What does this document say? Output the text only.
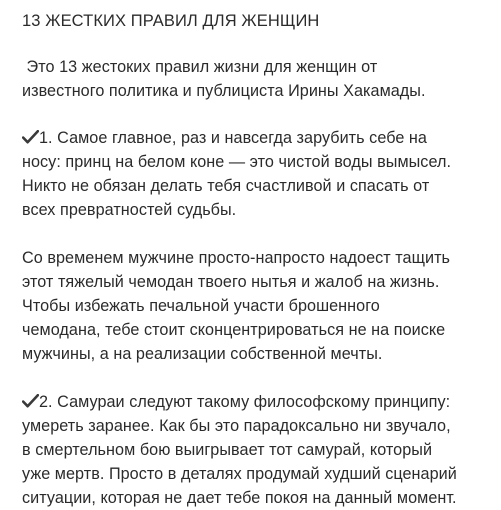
13 ЖЕСТКИХ ПРАВИЛ ДЛЯ ЖЕНЩИН

Это 13 жестоких правил жизни для женщин от
известного политика и публициста Ирины Хакамады.

1. Самое главное, раз и навсегда зарубить себе на
носу: принц на белом коне — это чистой воды вымысел.
Никто не обязан делать тебя счастливой и спасать от
всех превратностей судьбы.

Со временем мужчине просто-напросто надоест тащить
этот тяжелый чемодан твоего нытья и жалоб на жизнь.
Чтобы избежать печальной участи брошенного
чемодана, тебе стоит сконцентрироваться не на поиске
мужчины, а на реализации собственной мечты.

2. Самураи следуют такому философскому принципу:
умереть заранее. Как бы это парадоксально ни звучало,
в смертельном бою выигрывает тот самурай, который
уже мертв. Просто в деталях продумай худший сценарий
ситуации, которая не дает тебе покоя на данный момент.
